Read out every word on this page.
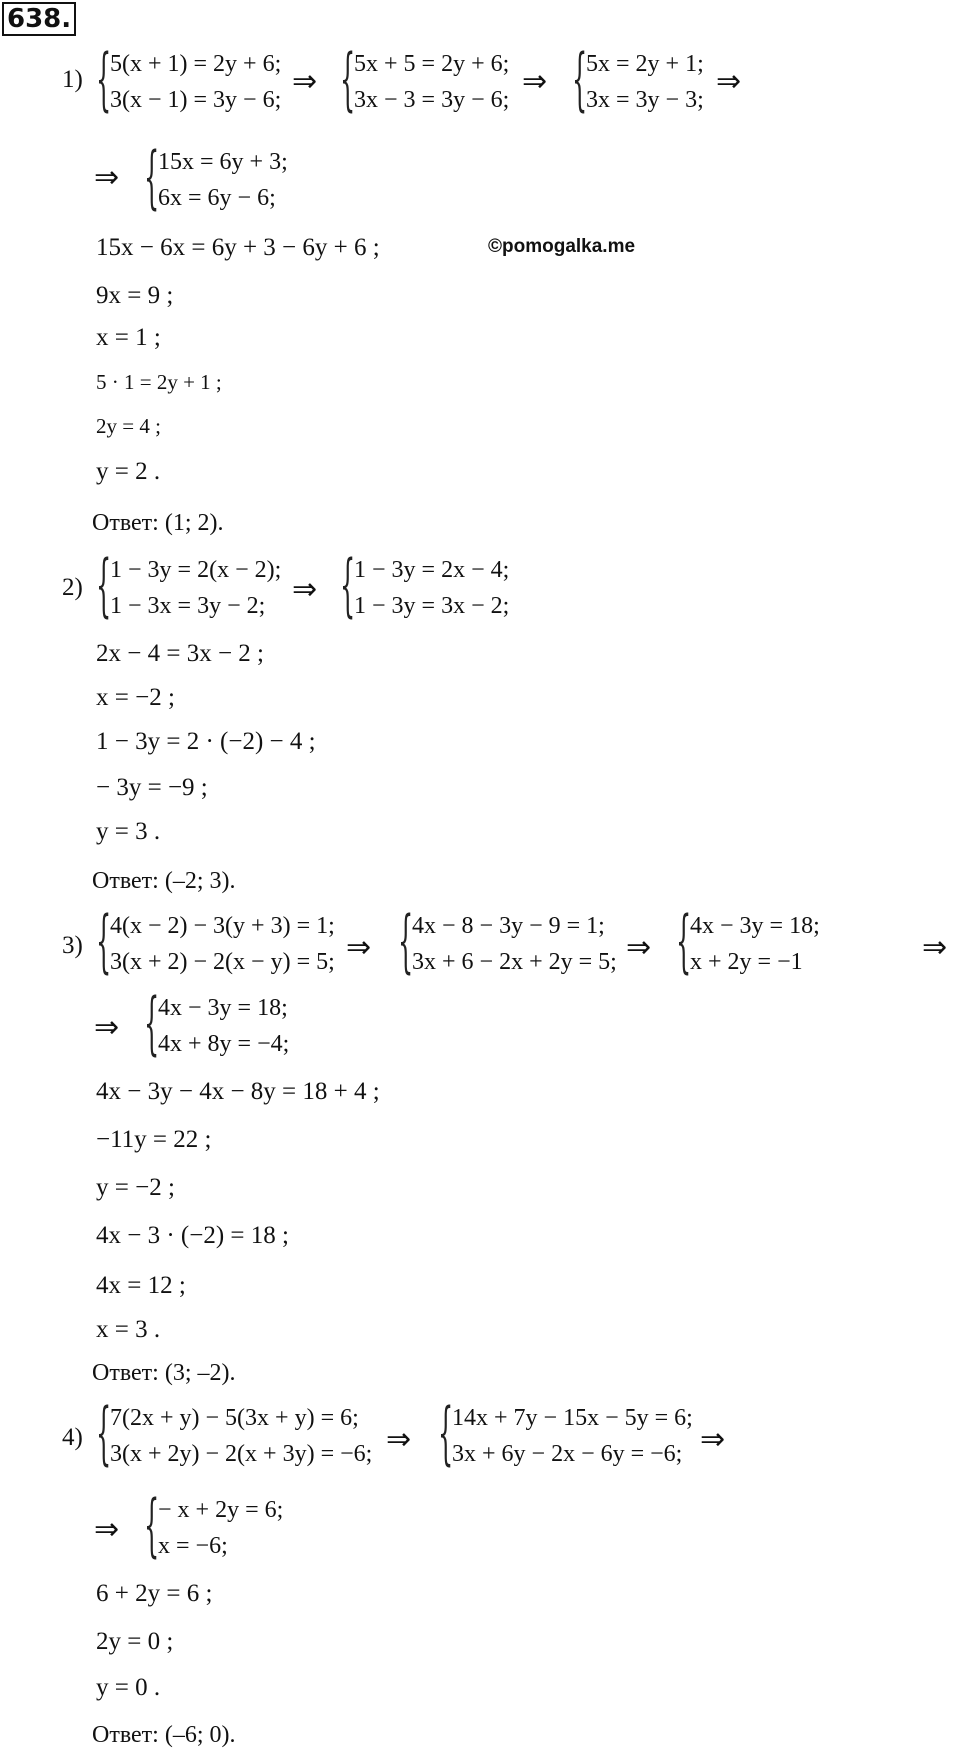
638.
©pomogalka.me
1) {
5(x + 1) = 2y + 6;
3(x − 1) = 3y − 6;
⇒ {
5x + 5 = 2y + 6;
3x − 3 = 3y − 6;
⇒ {
5x = 2y + 1;
3x = 3y − 3;
⇒
⇒ {
15x = 6y + 3;
6x = 6y − 6;
15x − 6x = 6y + 3 − 6y + 6 ;
9x = 9 ;
x = 1 ;
5 · 1 = 2y + 1 ;
2y = 4 ;
y = 2 .
Ответ: (1; 2).
2) {
1 − 3y = 2(x − 2);
1 − 3x = 3y − 2; ⇒ {
1 − 3y = 2x − 4;
1 − 3y = 3x − 2;
2x − 4 = 3x − 2 ;
x = −2 ;
1 − 3y = 2 · (−2) − 4 ;
− 3y = −9 ;
y = 3 .
Ответ: (–2; 3).
3) {
4(x − 2) − 3(y + 3) = 1;
3(x + 2) − 2(x − y) = 5; ⇒ {
4x − 8 − 3y − 9 = 1;
3x + 6 − 2x + 2y = 5; ⇒ {
4x − 3y = 18;
x + 2y = −1	⇒
⇒ {
4x − 3y = 18;
4x + 8y = −4;
4x − 3y − 4x − 8y = 18 + 4 ;
−11y = 22 ;
y = −2 ;
4x − 3 · (−2) = 18 ;
4x = 12 ;
x = 3 .
Ответ: (3; –2).
4) {
7(2x + y) − 5(3x + y) = 6;
3(x + 2y) − 2(x + 3y) = −6; ⇒ {
14x + 7y − 15x − 5y = 6;
3x + 6y − 2x − 6y = −6; ⇒
⇒ {
− x + 2y = 6;
x = −6;
6 + 2y = 6 ;
2y = 0 ;
y = 0 .
Ответ: (–6; 0).
